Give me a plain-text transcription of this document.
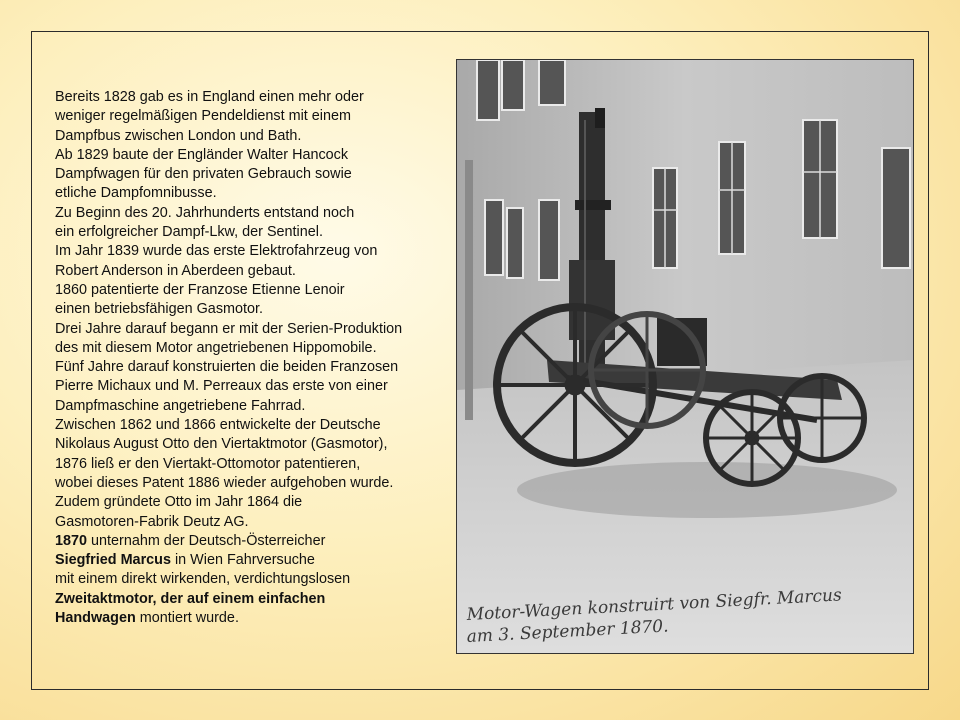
Bereits 1828 gab es in England einen mehr oder
weniger regelmäßigen Pendeldienst mit einem
Dampfbus zwischen London und Bath.
Ab 1829 baute der Engländer Walter Hancock
Dampfwagen für den privaten Gebrauch sowie
etliche Dampfomnibusse.
Zu Beginn des 20. Jahrhunderts entstand noch
ein erfolgreicher Dampf-Lkw, der Sentinel.
Im Jahr 1839 wurde das erste Elektrofahrzeug von
Robert Anderson in Aberdeen gebaut.
1860 patentierte der Franzose Etienne Lenoir
einen betriebsfähigen Gasmotor.
Drei Jahre darauf begann er mit der Serien-Produktion
des mit diesem Motor angetriebenen Hippomobile.
Fünf Jahre darauf konstruierten die beiden Franzosen
Pierre Michaux und M. Perreaux das erste von einer
Dampfmaschine angetriebene Fahrrad.
Zwischen 1862 und 1866 entwickelte der Deutsche
Nikolaus August Otto den Viertaktmotor (Gasmotor),
1876 ließ er den Viertakt-Ottomotor patentieren,
wobei dieses Patent 1886 wieder aufgehoben wurde.
Zudem gründete Otto im Jahr 1864 die
Gasmotoren-Fabrik Deutz AG.
1870 unternahm der Deutsch-Österreicher
Siegfried Marcus in Wien Fahrversuche
mit einem direkt wirkenden, verdichtungslosen
Zweitaktmotor, der auf einem einfachen
Handwagen montiert wurde.	Motor-Wagen konstruirt von Siegfr. Marcus
am 3. September 1870.
